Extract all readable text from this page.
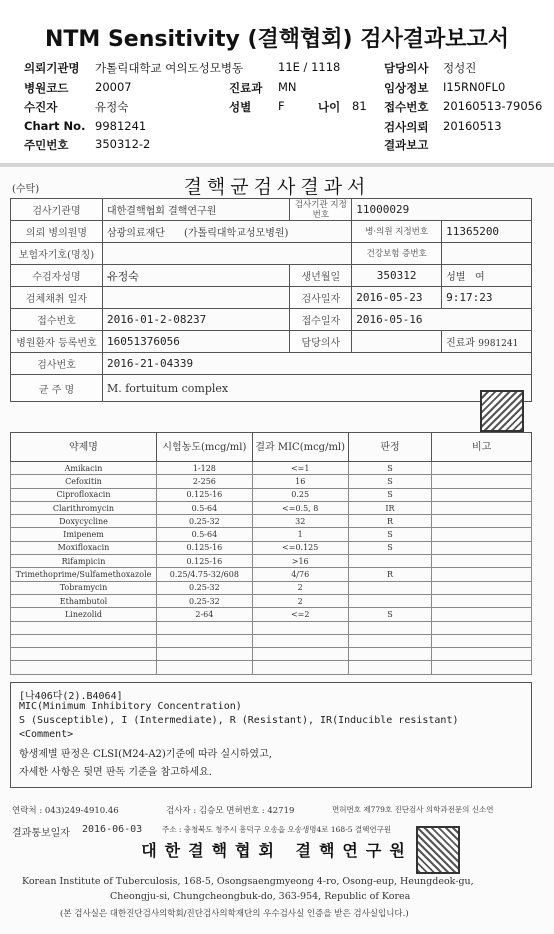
NTM Sensitivity (결핵협회) 검사결과보고서
의뢰기관명 가톨릭대학교 여의도성모병동	11E / 1118	담당의사 정성진
병원코드 20007	진료과 MN	임상정보 I15RN0FL0
수진자	유정숙	성별 F	나이 81 접수번호 20160513-79056
Chart No. 9981241	검사의뢰 20160513
주민번호 350312-2	결과보고
(수탁)	결핵균검사결과서
검사기관명	대한결핵협회 결핵연구원	검사기관 지정번호	11000029	
의뢰 병의원명	삼광의료재단 (가톨릭대학교성모병원)		병·의원 지정번호	11365200
보험자기호(명칭)			건강보험 증번호	
수검자성명	유정숙	생년월일	350312	성별 여
검체채취 일자		검사일자	2016-05-23	9:17:23
접수번호	2016-01-2-08237	접수일자	2016-05-16	
병원환자 등록번호	16051376056	담당의사		진료과 9981241
검사번호	2016-21-04339			
균 주 명	M. fortuitum complex			
약제명	시험농도(mcg/ml)	결과 MIC(mcg/ml)	판정	비고
Amikacin	1-128	<=1	S	
Cefoxitin	2-256	16	S	
Ciprofloxacin	0.125-16	0.25	S	
Clarithromycin	0.5-64	<=0.5, 8	IR	
Doxycycline	0.25-32	32	R	
Imipenem	0.5-64	1	S	
Moxifloxacin	0.125-16	<=0.125	S	
Rifampicin	0.125-16	>16		
Trimethoprime/Sulfamethoxazole	0.25/4.75-32/608	4/76	R	
Tobramycin	0.25-32	2		
Ethambutol	0.25-32	2		
Linezolid	2-64	<=2	S	

[나406다(2).B4064]
MIC(Minimum Inhibitory Concentration)
S (Susceptible), I (Intermediate), R (Resistant), IR(Inducible resistant)
<Comment>
항생제별 판정은 CLSI(M24-A2)기준에 따라 실시하였고,
자세한 사항은 뒷면 판독 기준을 참고하세요.
연락처 : 043)249-4910.46	검사자 : 김승모 면허번호 : 42719	면허번호 제779호 진단검사 의학과전문의 신소연
결과통보일자 2016-06-03	주소 : 충청북도 청주시 흥덕구 오송읍 오송생명4로 168-5 결핵연구원
대한결핵협회 결핵연구원
Korean Institute of Tuberculosis, 168-5, Osongsaengmyeong 4-ro, Osong-eup, Heungdeok-gu,
Cheongju-si, Chungcheongbuk-do, 363-954, Republic of Korea
(본 검사실은 대한진단검사의학회/진단검사의학재단의 우수검사실 인증을 받은 검사실입니다.)
